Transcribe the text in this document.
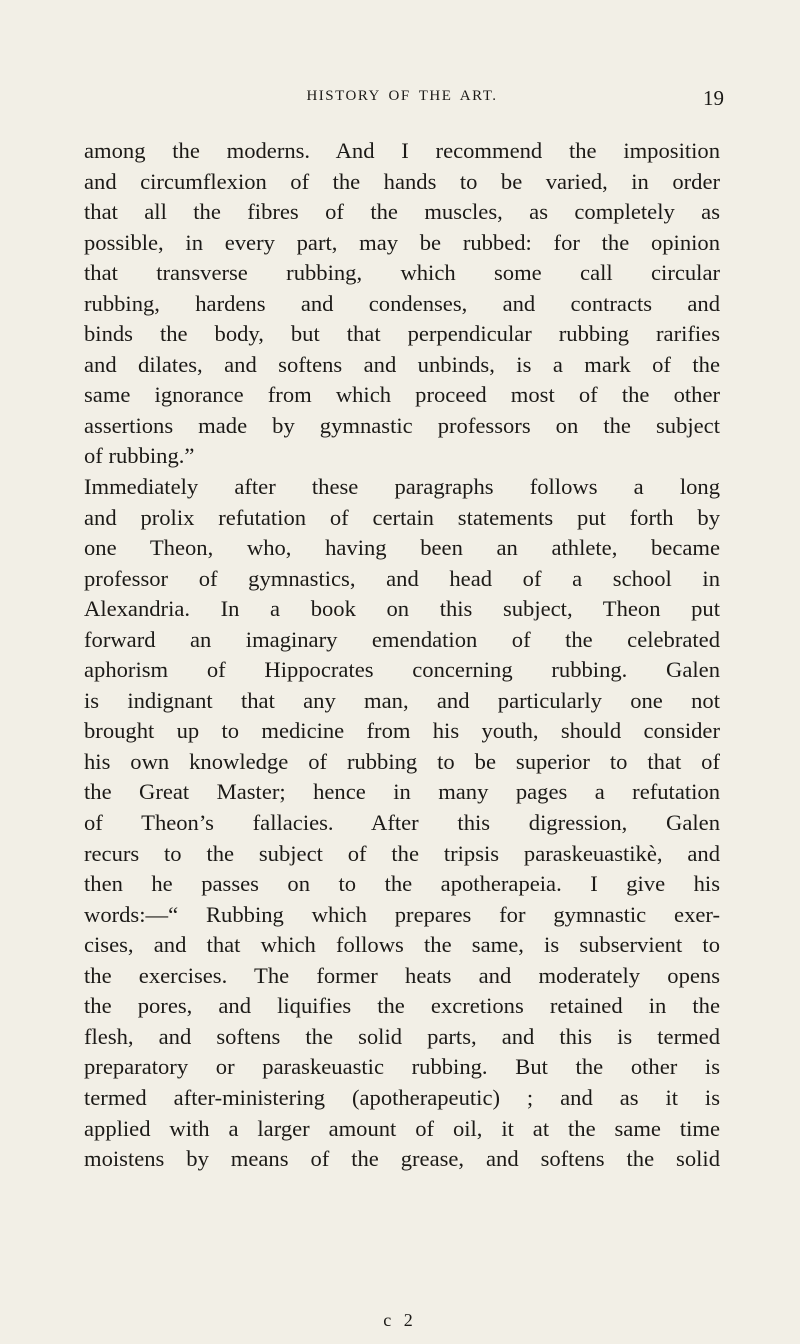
HISTORY OF THE ART.	19
among the moderns. And I recommend the imposition
and circumflexion of the hands to be varied, in order
that all the fibres of the muscles, as completely as
possible, in every part, may be rubbed: for the opinion
that transverse rubbing, which some call circular
rubbing, hardens and condenses, and contracts and
binds the body, but that perpendicular rubbing rarifies
and dilates, and softens and unbinds, is a mark of the
same ignorance from which proceed most of the other
assertions made by gymnastic professors on the subject
of rubbing.”
Immediately after these paragraphs follows a long
and prolix refutation of certain statements put forth by
one Theon, who, having been an athlete, became
professor of gymnastics, and head of a school in
Alexandria. In a book on this subject, Theon put
forward an imaginary emendation of the celebrated
aphorism of Hippocrates concerning rubbing. Galen
is indignant that any man, and particularly one not
brought up to medicine from his youth, should consider
his own knowledge of rubbing to be superior to that of
the Great Master; hence in many pages a refutation
of Theon’s fallacies. After this digression, Galen
recurs to the subject of the tripsis paraskeuastikè, and
then he passes on to the apotherapeia. I give his
words:—“ Rubbing which prepares for gymnastic exer-
cises, and that which follows the same, is subservient to
the exercises. The former heats and moderately opens
the pores, and liquifies the excretions retained in the
flesh, and softens the solid parts, and this is termed
preparatory or paraskeuastic rubbing. But the other is
termed after-ministering (apotherapeutic) ; and as it is
applied with a larger amount of oil, it at the same time
moistens by means of the grease, and softens the solid
c 2
